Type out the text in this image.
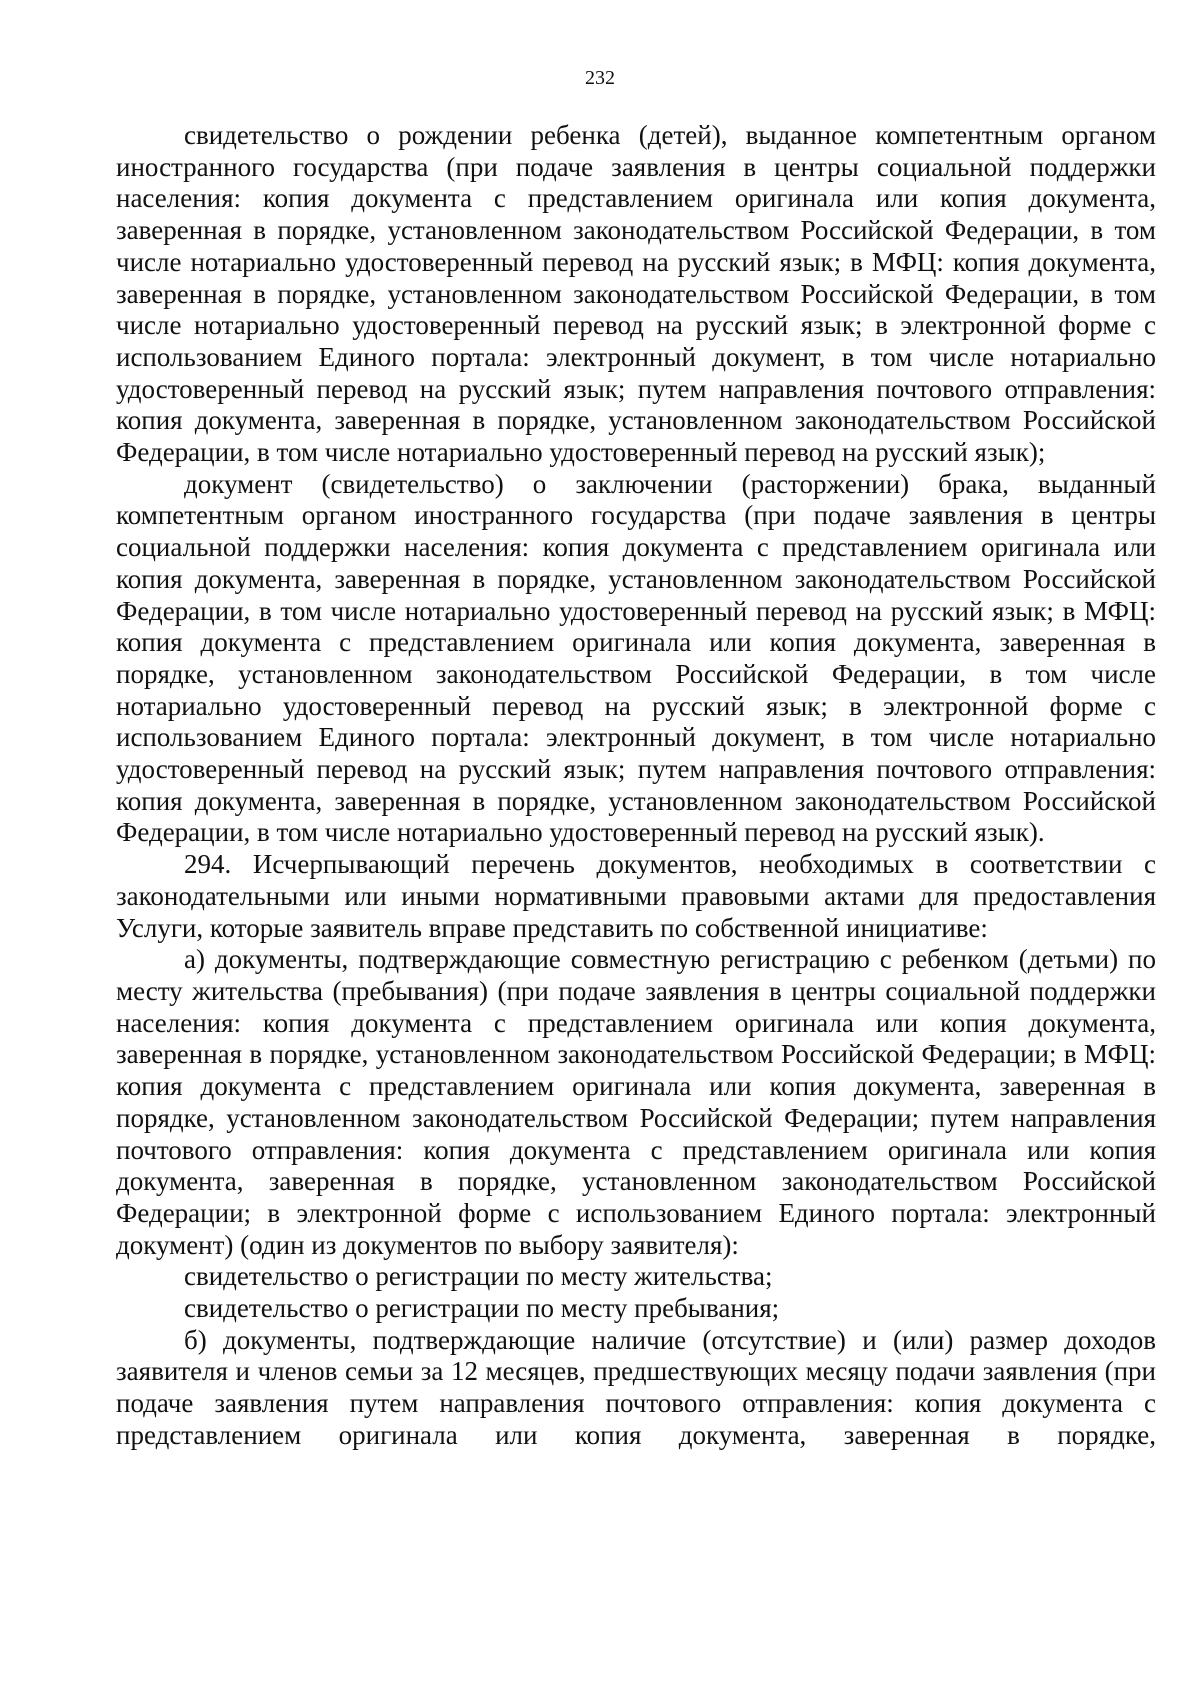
232

свидетельство о рождении ребенка (детей), выданное компетентным органом иностранного государства (при подаче заявления в центры социальной поддержки населения: копия документа с представлением оригинала или копия документа, заверенная в порядке, установленном законодательством Российской Федерации, в том числе нотариально удостоверенный перевод на русский язык; в МФЦ: копия документа, заверенная в порядке, установленном законодательством Российской Федерации, в том числе нотариально удостоверенный перевод на русский язык; в электронной форме с использованием Единого портала: электронный документ, в том числе нотариально удостоверенный перевод на русский язык; путем направления почтового отправления: копия документа, заверенная в порядке, установленном законодательством Российской Федерации, в том числе нотариально удостоверенный перевод на русский язык);

документ (свидетельство) о заключении (расторжении) брака, выданный компетентным органом иностранного государства (при подаче заявления в центры социальной поддержки населения: копия документа с представлением оригинала или копия документа, заверенная в порядке, установленном законодательством Российской Федерации, в том числе нотариально удостоверенный перевод на русский язык; в МФЦ: копия документа с представлением оригинала или копия документа, заверенная в порядке, установленном законодательством Российской Федерации, в том числе нотариально удостоверенный перевод на русский язык; в электронной форме с использованием Единого портала: электронный документ, в том числе нотариально удостоверенный перевод на русский язык; путем направления почтового отправления: копия документа, заверенная в порядке, установленном законодательством Российской Федерации, в том числе нотариально удостоверенный перевод на русский язык).

294. Исчерпывающий перечень документов, необходимых в соответствии с законодательными или иными нормативными правовыми актами для предоставления Услуги, которые заявитель вправе представить по собственной инициативе:

а) документы, подтверждающие совместную регистрацию с ребенком (детьми) по месту жительства (пребывания) (при подаче заявления в центры социальной поддержки населения: копия документа с представлением оригинала или копия документа, заверенная в порядке, установленном законодательством Российской Федерации; в МФЦ: копия документа с представлением оригинала или копия документа, заверенная в порядке, установленном законодательством Российской Федерации; путем направления почтового отправления: копия документа с представлением оригинала или копия документа, заверенная в порядке, установленном законодательством Российской Федерации; в электронной форме с использованием Единого портала: электронный документ) (один из документов по выбору заявителя):

свидетельство о регистрации по месту жительства;

свидетельство о регистрации по месту пребывания;

б) документы, подтверждающие наличие (отсутствие) и (или) размер доходов заявителя и членов семьи за 12 месяцев, предшествующих месяцу подачи заявления (при подаче заявления путем направления почтового отправления: копия документа с представлением оригинала или копия документа, заверенная в порядке,
